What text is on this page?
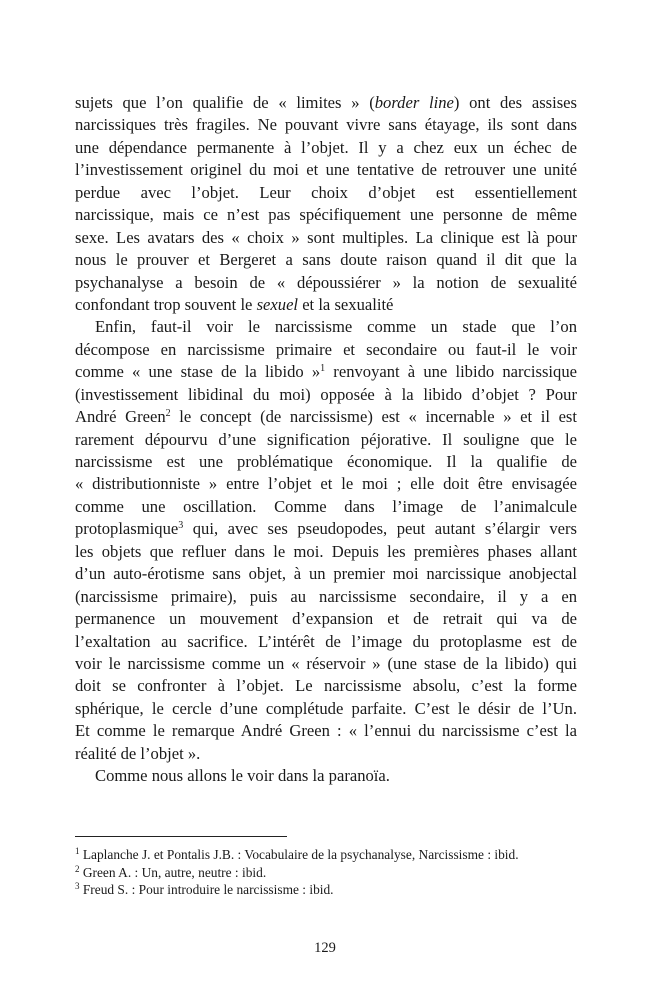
sujets que l’on qualifie de « limites » (border line) ont des assises
narcissiques très fragiles. Ne pouvant vivre sans étayage, ils sont dans
une dépendance permanente à l’objet. Il y a chez eux un échec de
l’investissement originel du moi et une tentative de retrouver une unité
perdue avec l’objet. Leur choix d’objet est essentiellement
narcissique, mais ce n’est pas spécifiquement une personne de même
sexe. Les avatars des « choix » sont multiples. La clinique est là pour
nous le prouver et Bergeret a sans doute raison quand il dit que la
psychanalyse a besoin de « dépoussiérer » la notion de sexualité
confondant trop souvent le sexuel et la sexualité
Enfin, faut-il voir le narcissisme comme un stade que l’on
décompose en narcissisme primaire et secondaire ou faut-il le voir
comme « une stase de la libido »$^1$ renvoyant à une libido narcissique
(investissement libidinal du moi) opposée à la libido d’objet ? Pour
André Green$^2$ le concept (de narcissisme) est « incernable » et il est
rarement dépourvu d’une signification péjorative. Il souligne que le
narcissisme est une problématique économique. Il la qualifie de
« distributionniste » entre l’objet et le moi ; elle doit être envisagée
comme une oscillation. Comme dans l’image de l’animalcule
protoplasmique$^3$ qui, avec ses pseudopodes, peut autant s’élargir vers
les objets que refluer dans le moi. Depuis les premières phases allant
d’un auto-érotisme sans objet, à un premier moi narcissique anobjectal
(narcissisme primaire), puis au narcissisme secondaire, il y a en
permanence un mouvement d’expansion et de retrait qui va de
l’exaltation au sacrifice. L’intérêt de l’image du protoplasme est de
voir le narcissisme comme un « réservoir » (une stase de la libido) qui
doit se confronter à l’objet. Le narcissisme absolu, c’est la forme
sphérique, le cercle d’une complétude parfaite. C’est le désir de l’Un.
Et comme le remarque André Green : « l’ennui du narcissisme c’est la
réalité de l’objet ».
Comme nous allons le voir dans la paranoïa.
$^1$ Laplanche J. et Pontalis J.B. : Vocabulaire de la psychanalyse, Narcissisme : ibid.
$^2$ Green A. : Un, autre, neutre : ibid.
$^3$ Freud S. : Pour introduire le narcissisme : ibid.
129
